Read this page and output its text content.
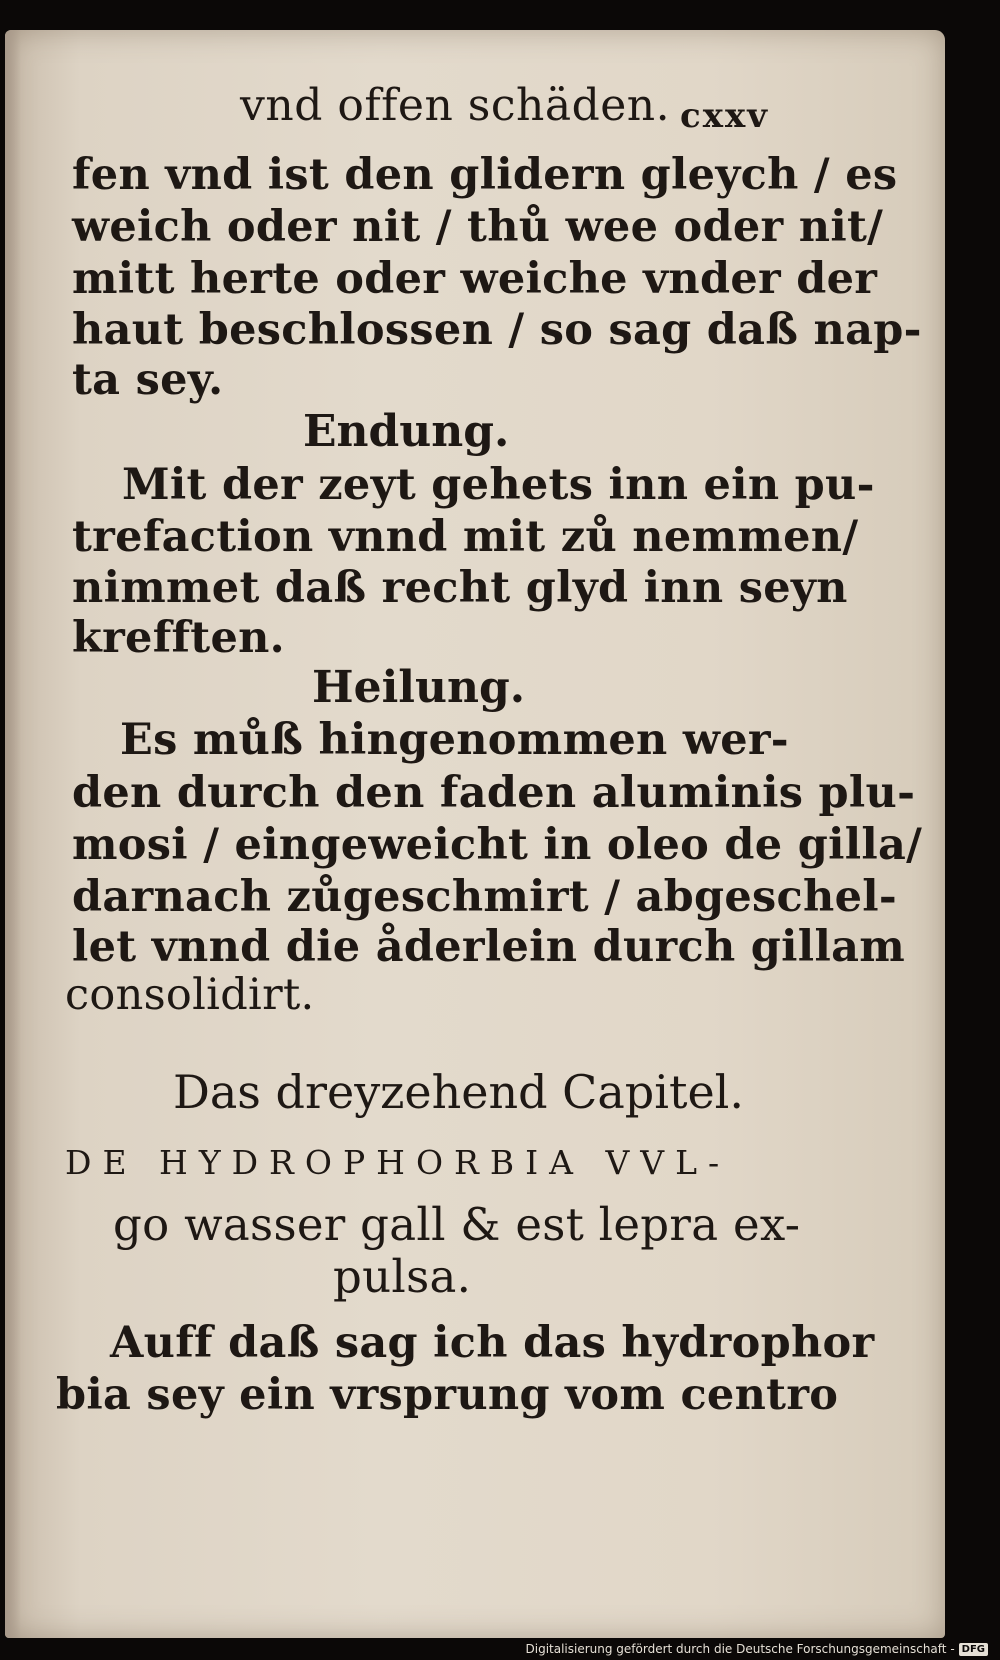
vnd offen schäden. cxxv
fen vnd ist den glidern gleych / es
weich oder nit / thů wee oder nit/
mitt herte oder weiche vnder der
haut beschlossen / so sag daß nap-
ta sey.
Endung.
Mit der zeyt gehets inn ein pu-
trefaction vnnd mit zů nemmen/
nimmet daß recht glyd inn seyn
krefften.
Heilung.
Es můß hingenommen wer-
den durch den faden aluminis plu-
mosi / eingeweicht in oleo de gilla/
darnach zůgeschmirt / abgeschel-
let vnnd die åderlein durch gillam
consolidirt.
Das dreyzehend Capitel.
DE HYDROPHORBIA VVL-
go wasser gall & est lepra ex-
pulsa.
Auff daß sag ich das hydrophor
bia sey ein vrsprung vom centro
Digitalisierung gefördert durch die Deutsche Forschungsgemeinschaft - DFG
